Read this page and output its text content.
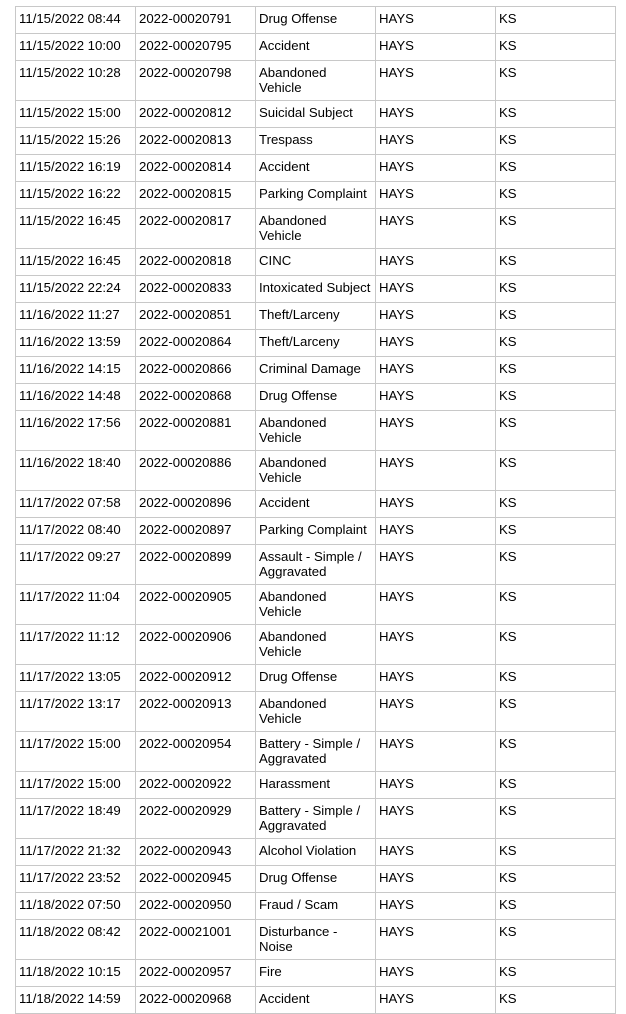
11/15/2022 08:44	2022-00020791	Drug Offense	HAYS	KS
11/15/2022 10:00	2022-00020795	Accident	HAYS	KS
11/15/2022 10:28	2022-00020798	Abandoned Vehicle	HAYS	KS
11/15/2022 15:00	2022-00020812	Suicidal Subject	HAYS	KS
11/15/2022 15:26	2022-00020813	Trespass	HAYS	KS
11/15/2022 16:19	2022-00020814	Accident	HAYS	KS
11/15/2022 16:22	2022-00020815	Parking Complaint	HAYS	KS
11/15/2022 16:45	2022-00020817	Abandoned Vehicle	HAYS	KS
11/15/2022 16:45	2022-00020818	CINC	HAYS	KS
11/15/2022 22:24	2022-00020833	Intoxicated Subject	HAYS	KS
11/16/2022 11:27	2022-00020851	Theft/Larceny	HAYS	KS
11/16/2022 13:59	2022-00020864	Theft/Larceny	HAYS	KS
11/16/2022 14:15	2022-00020866	Criminal Damage	HAYS	KS
11/16/2022 14:48	2022-00020868	Drug Offense	HAYS	KS
11/16/2022 17:56	2022-00020881	Abandoned Vehicle	HAYS	KS
11/16/2022 18:40	2022-00020886	Abandoned Vehicle	HAYS	KS
11/17/2022 07:58	2022-00020896	Accident	HAYS	KS
11/17/2022 08:40	2022-00020897	Parking Complaint	HAYS	KS
11/17/2022 09:27	2022-00020899	Assault - Simple / Aggravated	HAYS	KS
11/17/2022 11:04	2022-00020905	Abandoned Vehicle	HAYS	KS
11/17/2022 11:12	2022-00020906	Abandoned Vehicle	HAYS	KS
11/17/2022 13:05	2022-00020912	Drug Offense	HAYS	KS
11/17/2022 13:17	2022-00020913	Abandoned Vehicle	HAYS	KS
11/17/2022 15:00	2022-00020954	Battery - Simple / Aggravated	HAYS	KS
11/17/2022 15:00	2022-00020922	Harassment	HAYS	KS
11/17/2022 18:49	2022-00020929	Battery - Simple / Aggravated	HAYS	KS
11/17/2022 21:32	2022-00020943	Alcohol Violation	HAYS	KS
11/17/2022 23:52	2022-00020945	Drug Offense	HAYS	KS
11/18/2022 07:50	2022-00020950	Fraud / Scam	HAYS	KS
11/18/2022 08:42	2022-00021001	Disturbance - Noise	HAYS	KS
11/18/2022 10:15	2022-00020957	Fire	HAYS	KS
11/18/2022 14:59	2022-00020968	Accident	HAYS	KS
